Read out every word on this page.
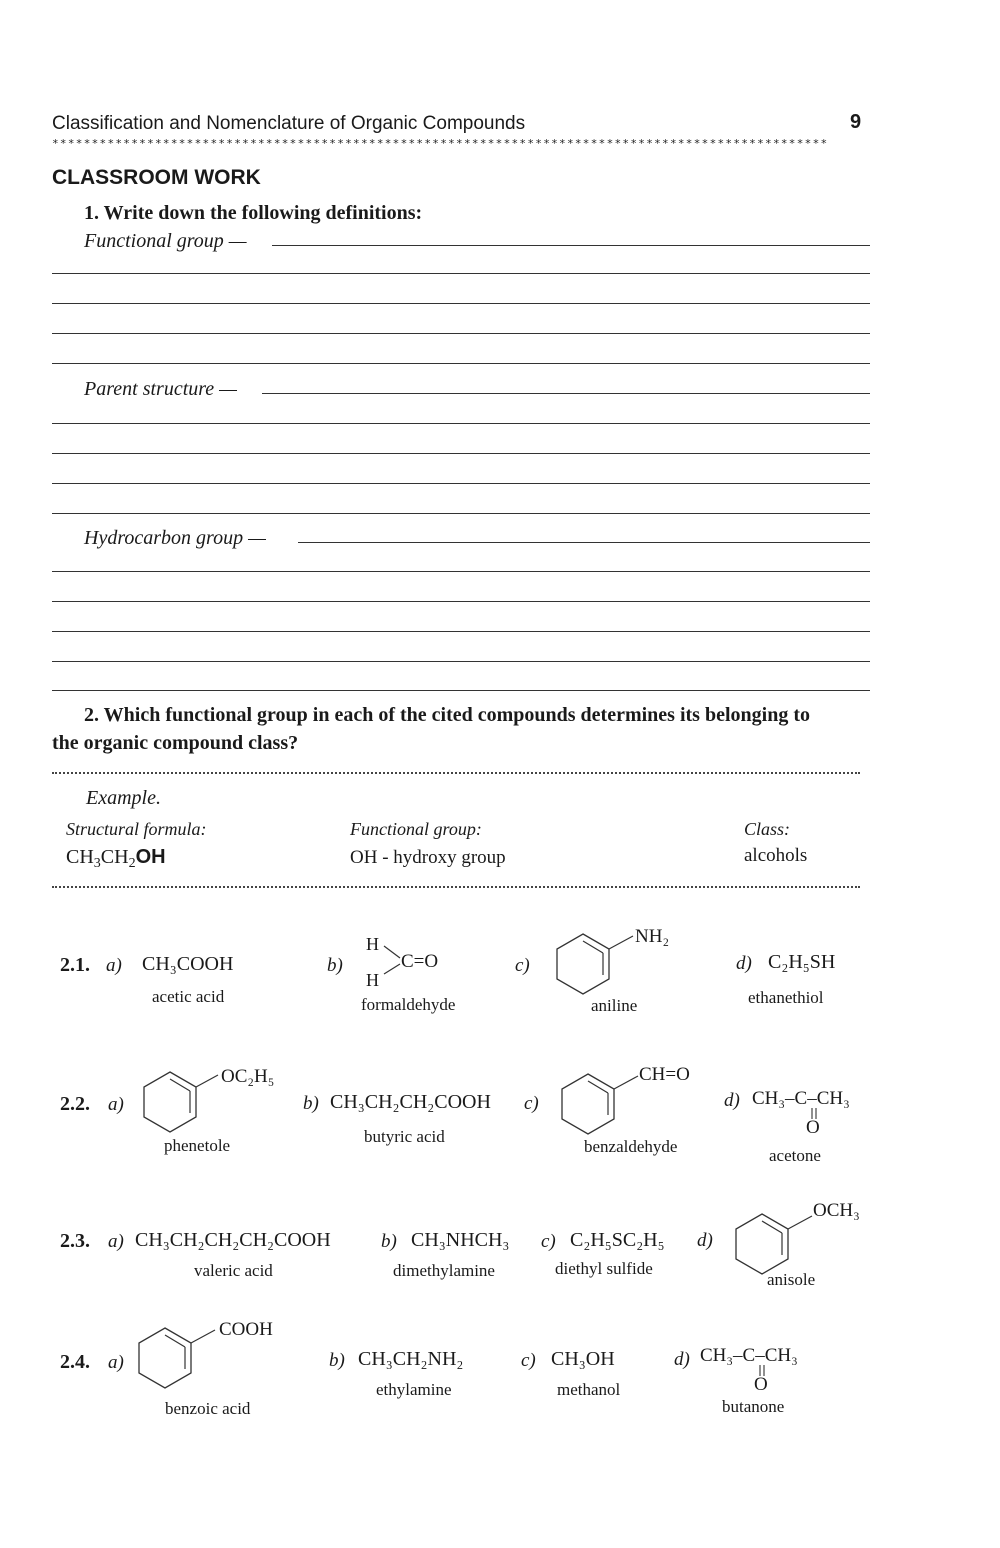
Classification and Nomenclature of Organic Compounds	9
**************************************************************************************************
CLASSROOM WORK
1. Write down the following definitions:
Functional group —
Parent structure —
Hydrocarbon group —
2. Which functional group in each of the cited compounds determines its belonging to
the organic compound class?
Example.
Structural formula:	Functional group:	Class:
$CH_3CH_2OH$	OH - hydroxy group	alcohols
2.1. a) CH₃COOH
acetic acid
b)
H
H
C=O
formaldehyde
c)
NH₂
aniline
d) C₂H₅SH
ethanethiol
2.2. a)
OC₂H₅
phenetole
b) CH₃CH₂CH₂COOH
butyric acid
c)
CH=O
benzaldehyde
d) CH₃–C–CH₃
O
acetone
2.3. a) CH₃CH₂CH₂CH₂COOH
valeric acid
b) CH₃NHCH₃
dimethylamine
c) C₂H₅SC₂H₅
diethyl sulfide
d)
OCH₃
anisole
2.4. a)
COOH
benzoic acid
b) CH₃CH₂NH₂
ethylamine
c) CH₃OH
methanol
d) CH₃–C–CH₃
O
butanone
